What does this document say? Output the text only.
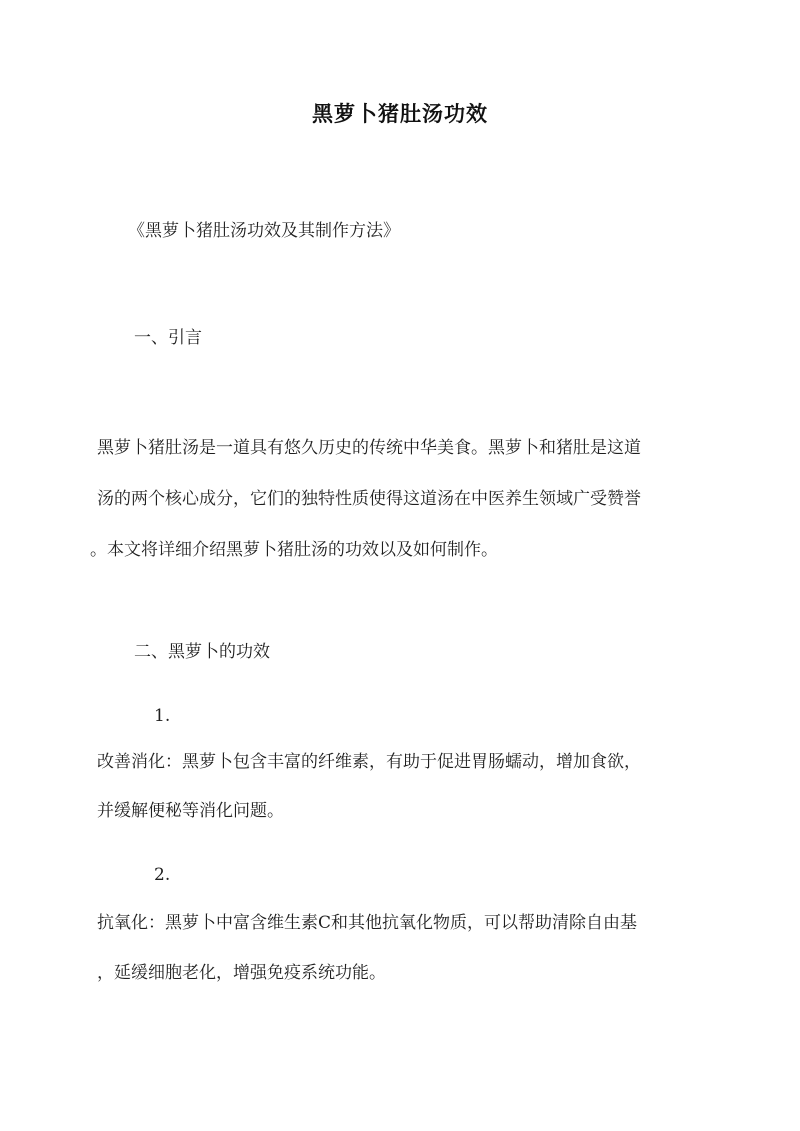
黑萝卜猪肚汤功效

《黑萝卜猪肚汤功效及其制作方法》

一、引言

黑萝卜猪肚汤是一道具有悠久历史的传统中华美食。黑萝卜和猪肚是这道

汤的两个核心成分，它们的独特性质使得这道汤在中医养生领域广受赞誉

。本文将详细介绍黑萝卜猪肚汤的功效以及如何制作。

二、黑萝卜的功效

1.

改善消化：黑萝卜包含丰富的纤维素，有助于促进胃肠蠕动，增加食欲，

并缓解便秘等消化问题。

2.

抗氧化：黑萝卜中富含维生素C和其他抗氧化物质，可以帮助清除自由基

，延缓细胞老化，增强免疫系统功能。
